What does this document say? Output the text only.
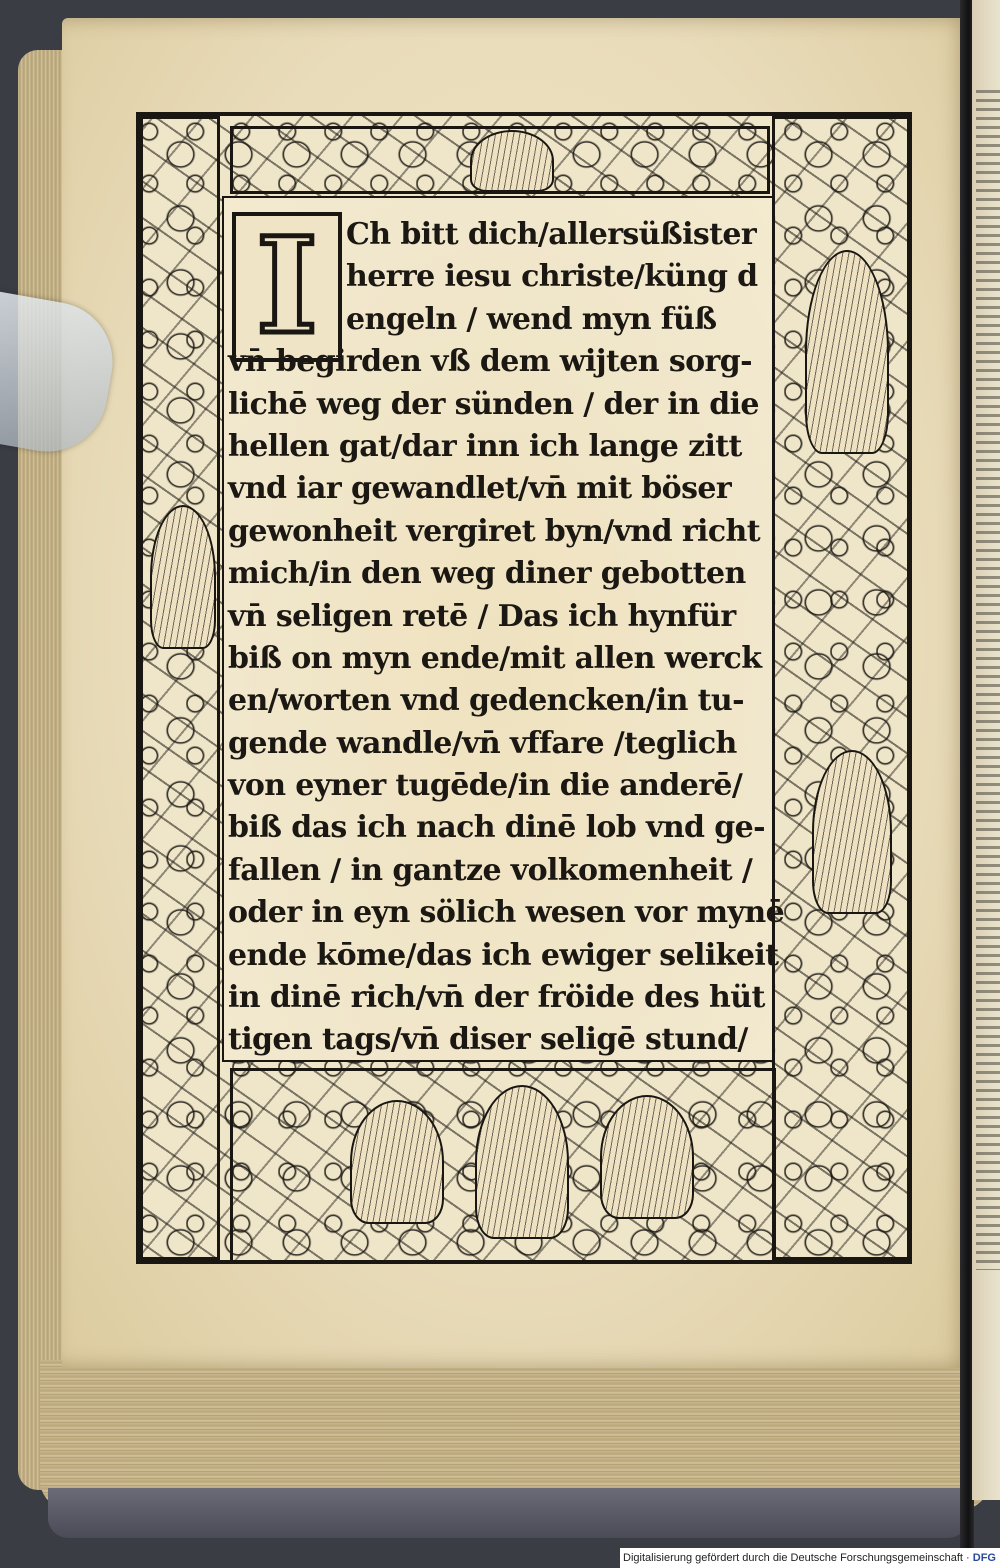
I Ch bitt dich/allersüßister
herre iesu christe/küng d
engeln / wend myn füß
vn̄ begirden vß dem wijten sorg-
lichē weg der sünden / der in die
hellen gat/dar inn ich lange zitt
vnd iar gewandlet/vn̄ mit böser
gewonheit vergiret byn/vnd richt
mich/in den weg diner gebotten
vn̄ seligen retē / Das ich hynfür
biß on myn ende/mit allen werck
en/worten vnd gedencken/in tu-
gende wandle/vn̄ vffare /teglich
von eyner tugēde/in die anderē/
biß das ich nach dinē lob vnd ge-
fallen / in gantze volkomenheit /
oder in eyn sölich wesen vor mynē
ende kōme/das ich ewiger selikeit
in dinē rich/vn̄ der fröide des hüt
tigen tags/vn̄ diser seligē stund/
Digitalisierung gefördert durch die Deutsche Forschungsgemeinschaft · DFG
